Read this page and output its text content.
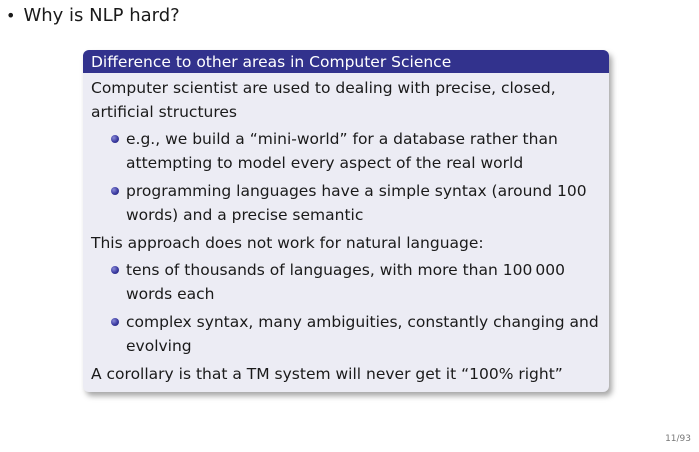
• Why is NLP hard?
Difference to other areas in Computer Science

Computer scientist are used to dealing with precise, closed, artificial structures

e.g., we build a “mini-world” for a database rather than attempting to model every aspect of the real world
programming languages have a simple syntax (around 100 words) and a precise semantic

This approach does not work for natural language:

tens of thousands of languages, with more than 100 000 words each
complex syntax, many ambiguities, constantly changing and evolving

A corollary is that a TM system will never get it “100% right”

11/93
